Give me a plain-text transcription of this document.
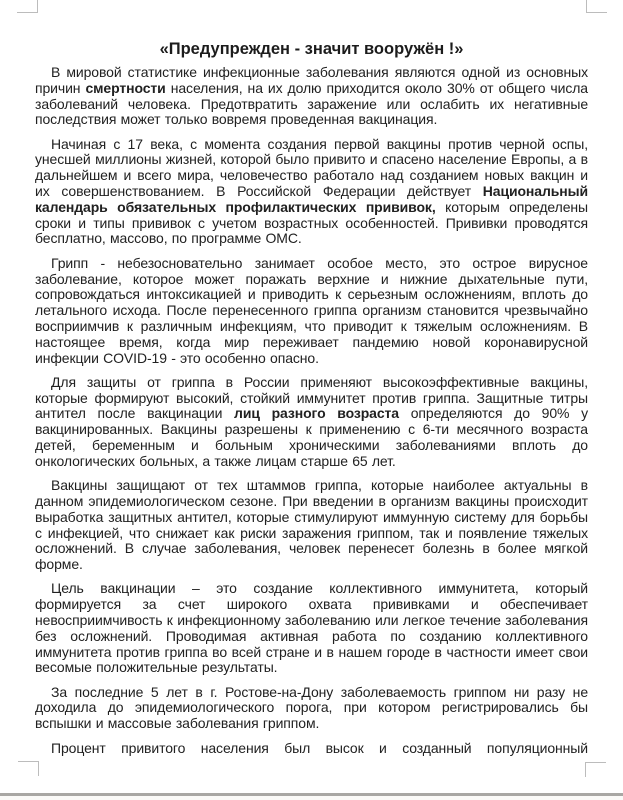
«Предупрежден - значит вооружён !»

В мировой статистике инфекционные заболевания являются одной из основных причин смертности населения, на их долю приходится около 30% от общего числа заболеваний человека. Предотвратить заражение или ослабить их негативные последствия может только вовремя проведенная вакцинация.

Начиная с 17 века, с момента создания первой вакцины против черной оспы, унесшей миллионы жизней, которой было привито и спасено население Европы, а в дальнейшем и всего мира, человечество работало над созданием новых вакцин и их совершенствованием. В Российской Федерации действует Национальный календарь обязательных профилактических прививок, которым определены сроки и типы прививок с учетом возрастных особенностей. Прививки проводятся бесплатно, массово, по программе ОМС.

Грипп - небезосновательно занимает особое место, это острое вирусное заболевание, которое может поражать верхние и нижние дыхательные пути, сопровождаться интоксикацией и приводить к серьезным осложнениям, вплоть до летального исхода. После перенесенного гриппа организм становится чрезвычайно восприимчив к различным инфекциям, что приводит к тяжелым осложнениям. В настоящее время, когда мир переживает пандемию новой коронавирусной инфекции COVID-19 - это особенно опасно.

Для защиты от гриппа в России применяют высокоэффективные вакцины, которые формируют высокий, стойкий иммунитет против гриппа. Защитные титры антител после вакцинации лиц разного возраста определяются до 90% у вакцинированных. Вакцины разрешены к применению с 6-ти месячного возраста детей, беременным и больным хроническими заболеваниями вплоть до онкологических больных, а также лицам старше 65 лет.

Вакцины защищают от тех штаммов гриппа, которые наиболее актуальны в данном эпидемиологическом сезоне. При введении в организм вакцины происходит выработка защитных антител, которые стимулируют иммунную систему для борьбы с инфекцией, что снижает как риски заражения гриппом, так и появление тяжелых осложнений. В случае заболевания, человек перенесет болезнь в более мягкой форме.

Цель вакцинации – это создание коллективного иммунитета, который формируется за счет широкого охвата прививками и обеспечивает невосприимчивость к инфекционному заболеванию или легкое течение заболевания без осложнений. Проводимая активная работа по созданию коллективного иммунитета против гриппа во всей стране и в нашем городе в частности имеет свои весомые положительные результаты.

За последние 5 лет в г. Ростове-на-Дону заболеваемость гриппом ни разу не доходила до эпидемиологического порога, при котором регистрировались бы вспышки и массовые заболевания гриппом.

Процент привитого населения был высок и созданный популяционный
